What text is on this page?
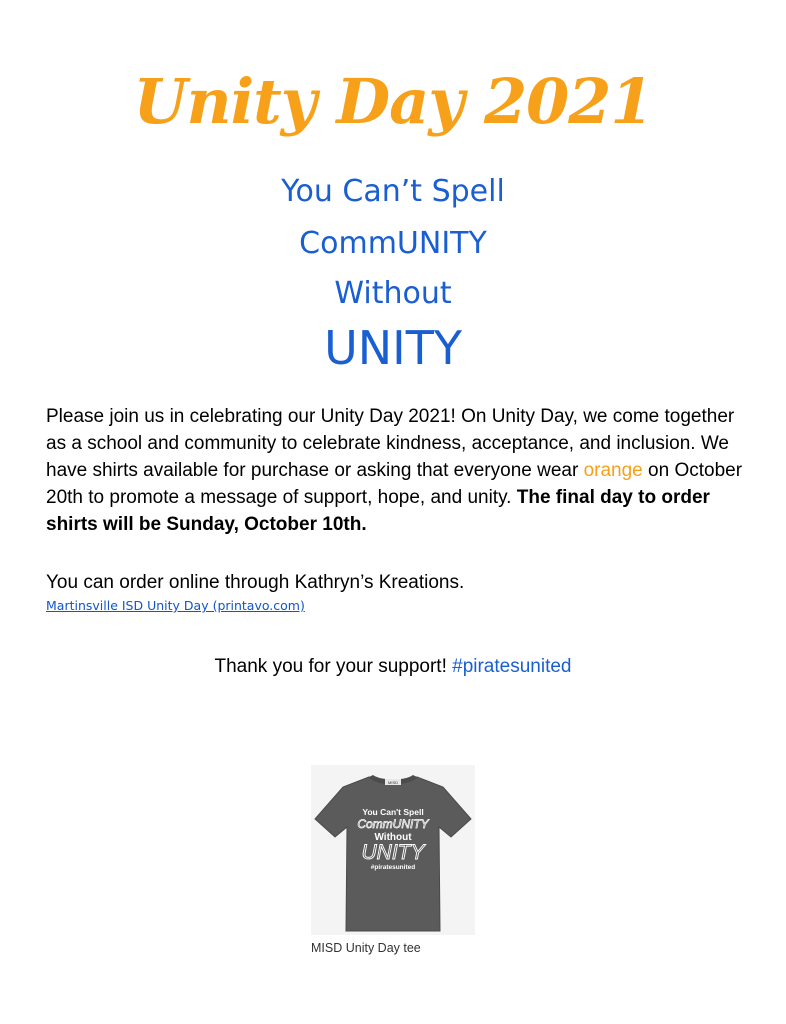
Unity Day 2021
You Can’t Spell
CommUNITY
Without
UNITY
Please join us in celebrating our Unity Day 2021! On Unity Day, we come together as a school and community to celebrate kindness, acceptance, and inclusion. We have shirts available for purchase or asking that everyone wear orange on October 20th to promote a message of support, hope, and unity. The final day to order shirts will be Sunday, October 10th.
You can order online through Kathryn’s Kreations.
Martinsville ISD Unity Day (printavo.com)
Thank you for your support! #piratesunited
MISD
You Can't Spell
CommUNITY
Without
UNITY
#piratesunited
MISD Unity Day tee
